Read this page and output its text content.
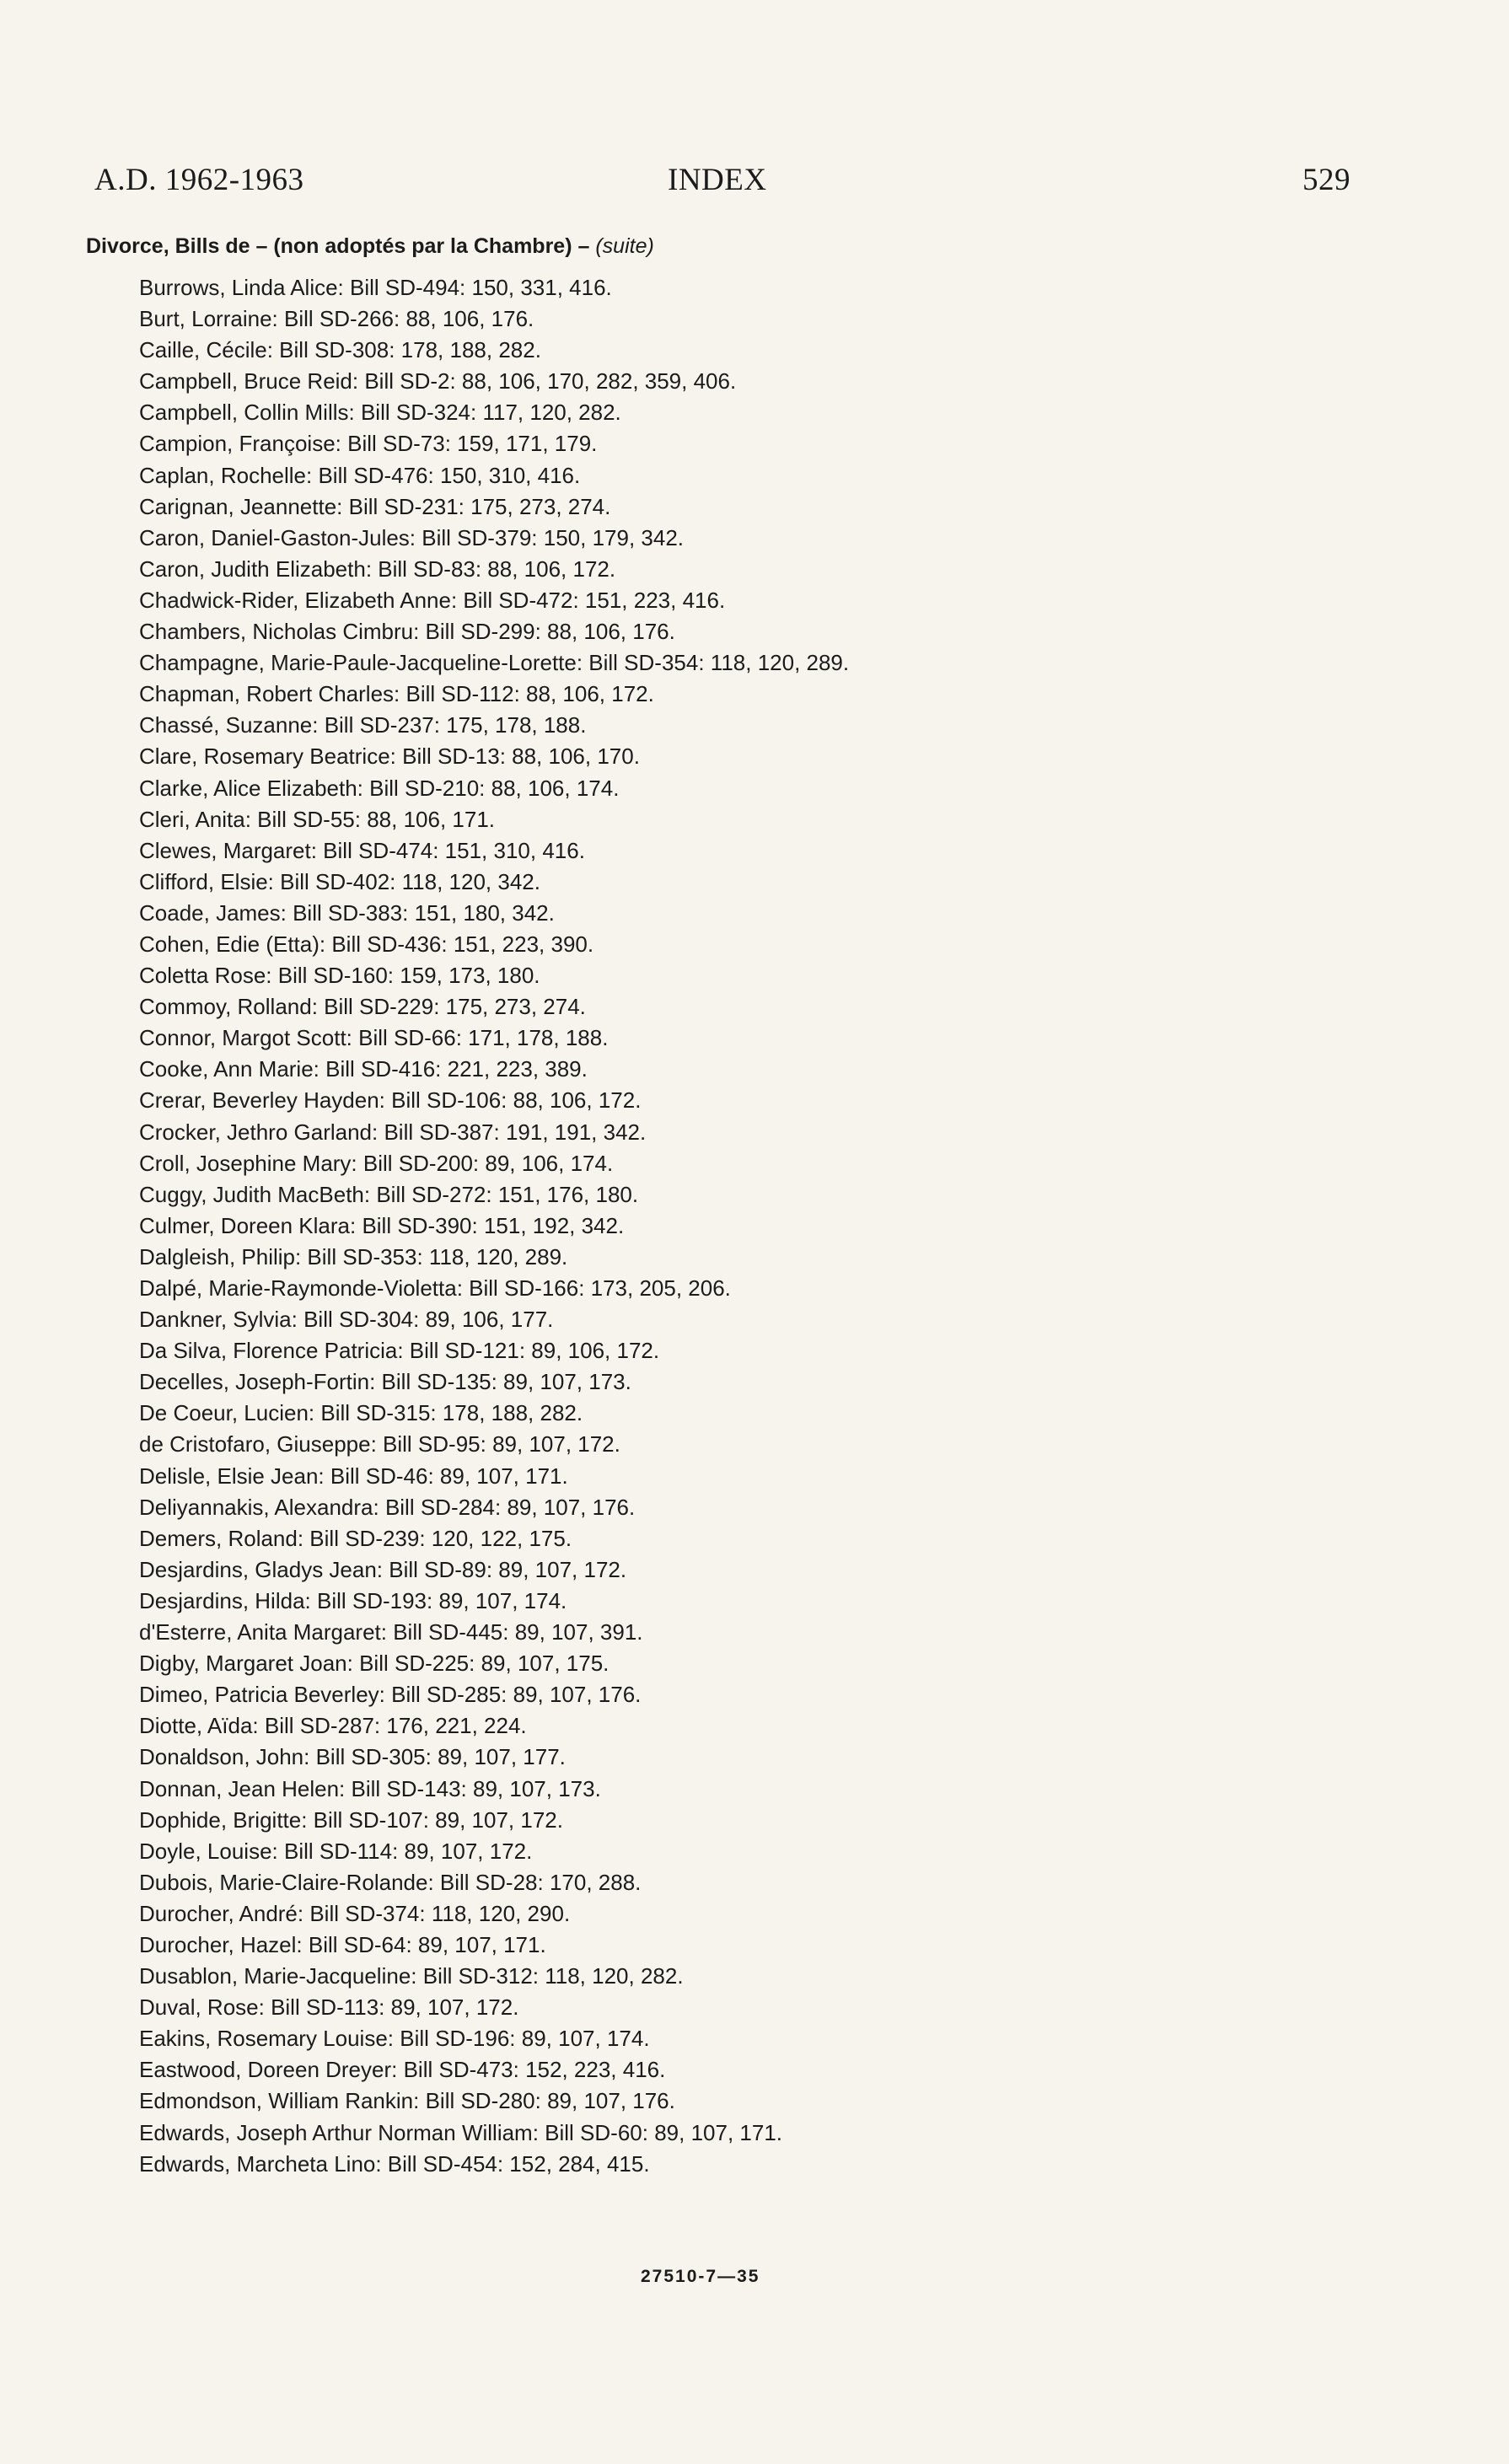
A.D. 1962-1963	INDEX	529
Divorce, Bills de – (non adoptés par la Chambre) – (suite)
Burrows, Linda Alice: Bill SD-494: 150, 331, 416.
Burt, Lorraine: Bill SD-266: 88, 106, 176.
Caille, Cécile: Bill SD-308: 178, 188, 282.
Campbell, Bruce Reid: Bill SD-2: 88, 106, 170, 282, 359, 406.
Campbell, Collin Mills: Bill SD-324: 117, 120, 282.
Campion, Françoise: Bill SD-73: 159, 171, 179.
Caplan, Rochelle: Bill SD-476: 150, 310, 416.
Carignan, Jeannette: Bill SD-231: 175, 273, 274.
Caron, Daniel-Gaston-Jules: Bill SD-379: 150, 179, 342.
Caron, Judith Elizabeth: Bill SD-83: 88, 106, 172.
Chadwick-Rider, Elizabeth Anne: Bill SD-472: 151, 223, 416.
Chambers, Nicholas Cimbru: Bill SD-299: 88, 106, 176.
Champagne, Marie-Paule-Jacqueline-Lorette: Bill SD-354: 118, 120, 289.
Chapman, Robert Charles: Bill SD-112: 88, 106, 172.
Chassé, Suzanne: Bill SD-237: 175, 178, 188.
Clare, Rosemary Beatrice: Bill SD-13: 88, 106, 170.
Clarke, Alice Elizabeth: Bill SD-210: 88, 106, 174.
Cleri, Anita: Bill SD-55: 88, 106, 171.
Clewes, Margaret: Bill SD-474: 151, 310, 416.
Clifford, Elsie: Bill SD-402: 118, 120, 342.
Coade, James: Bill SD-383: 151, 180, 342.
Cohen, Edie (Etta): Bill SD-436: 151, 223, 390.
Coletta Rose: Bill SD-160: 159, 173, 180.
Commoy, Rolland: Bill SD-229: 175, 273, 274.
Connor, Margot Scott: Bill SD-66: 171, 178, 188.
Cooke, Ann Marie: Bill SD-416: 221, 223, 389.
Crerar, Beverley Hayden: Bill SD-106: 88, 106, 172.
Crocker, Jethro Garland: Bill SD-387: 191, 191, 342.
Croll, Josephine Mary: Bill SD-200: 89, 106, 174.
Cuggy, Judith MacBeth: Bill SD-272: 151, 176, 180.
Culmer, Doreen Klara: Bill SD-390: 151, 192, 342.
Dalgleish, Philip: Bill SD-353: 118, 120, 289.
Dalpé, Marie-Raymonde-Violetta: Bill SD-166: 173, 205, 206.
Dankner, Sylvia: Bill SD-304: 89, 106, 177.
Da Silva, Florence Patricia: Bill SD-121: 89, 106, 172.
Decelles, Joseph-Fortin: Bill SD-135: 89, 107, 173.
De Coeur, Lucien: Bill SD-315: 178, 188, 282.
de Cristofaro, Giuseppe: Bill SD-95: 89, 107, 172.
Delisle, Elsie Jean: Bill SD-46: 89, 107, 171.
Deliyannakis, Alexandra: Bill SD-284: 89, 107, 176.
Demers, Roland: Bill SD-239: 120, 122, 175.
Desjardins, Gladys Jean: Bill SD-89: 89, 107, 172.
Desjardins, Hilda: Bill SD-193: 89, 107, 174.
d'Esterre, Anita Margaret: Bill SD-445: 89, 107, 391.
Digby, Margaret Joan: Bill SD-225: 89, 107, 175.
Dimeo, Patricia Beverley: Bill SD-285: 89, 107, 176.
Diotte, Aïda: Bill SD-287: 176, 221, 224.
Donaldson, John: Bill SD-305: 89, 107, 177.
Donnan, Jean Helen: Bill SD-143: 89, 107, 173.
Dophide, Brigitte: Bill SD-107: 89, 107, 172.
Doyle, Louise: Bill SD-114: 89, 107, 172.
Dubois, Marie-Claire-Rolande: Bill SD-28: 170, 288.
Durocher, André: Bill SD-374: 118, 120, 290.
Durocher, Hazel: Bill SD-64: 89, 107, 171.
Dusablon, Marie-Jacqueline: Bill SD-312: 118, 120, 282.
Duval, Rose: Bill SD-113: 89, 107, 172.
Eakins, Rosemary Louise: Bill SD-196: 89, 107, 174.
Eastwood, Doreen Dreyer: Bill SD-473: 152, 223, 416.
Edmondson, William Rankin: Bill SD-280: 89, 107, 176.
Edwards, Joseph Arthur Norman William: Bill SD-60: 89, 107, 171.
Edwards, Marcheta Lino: Bill SD-454: 152, 284, 415.
27510-7—35
